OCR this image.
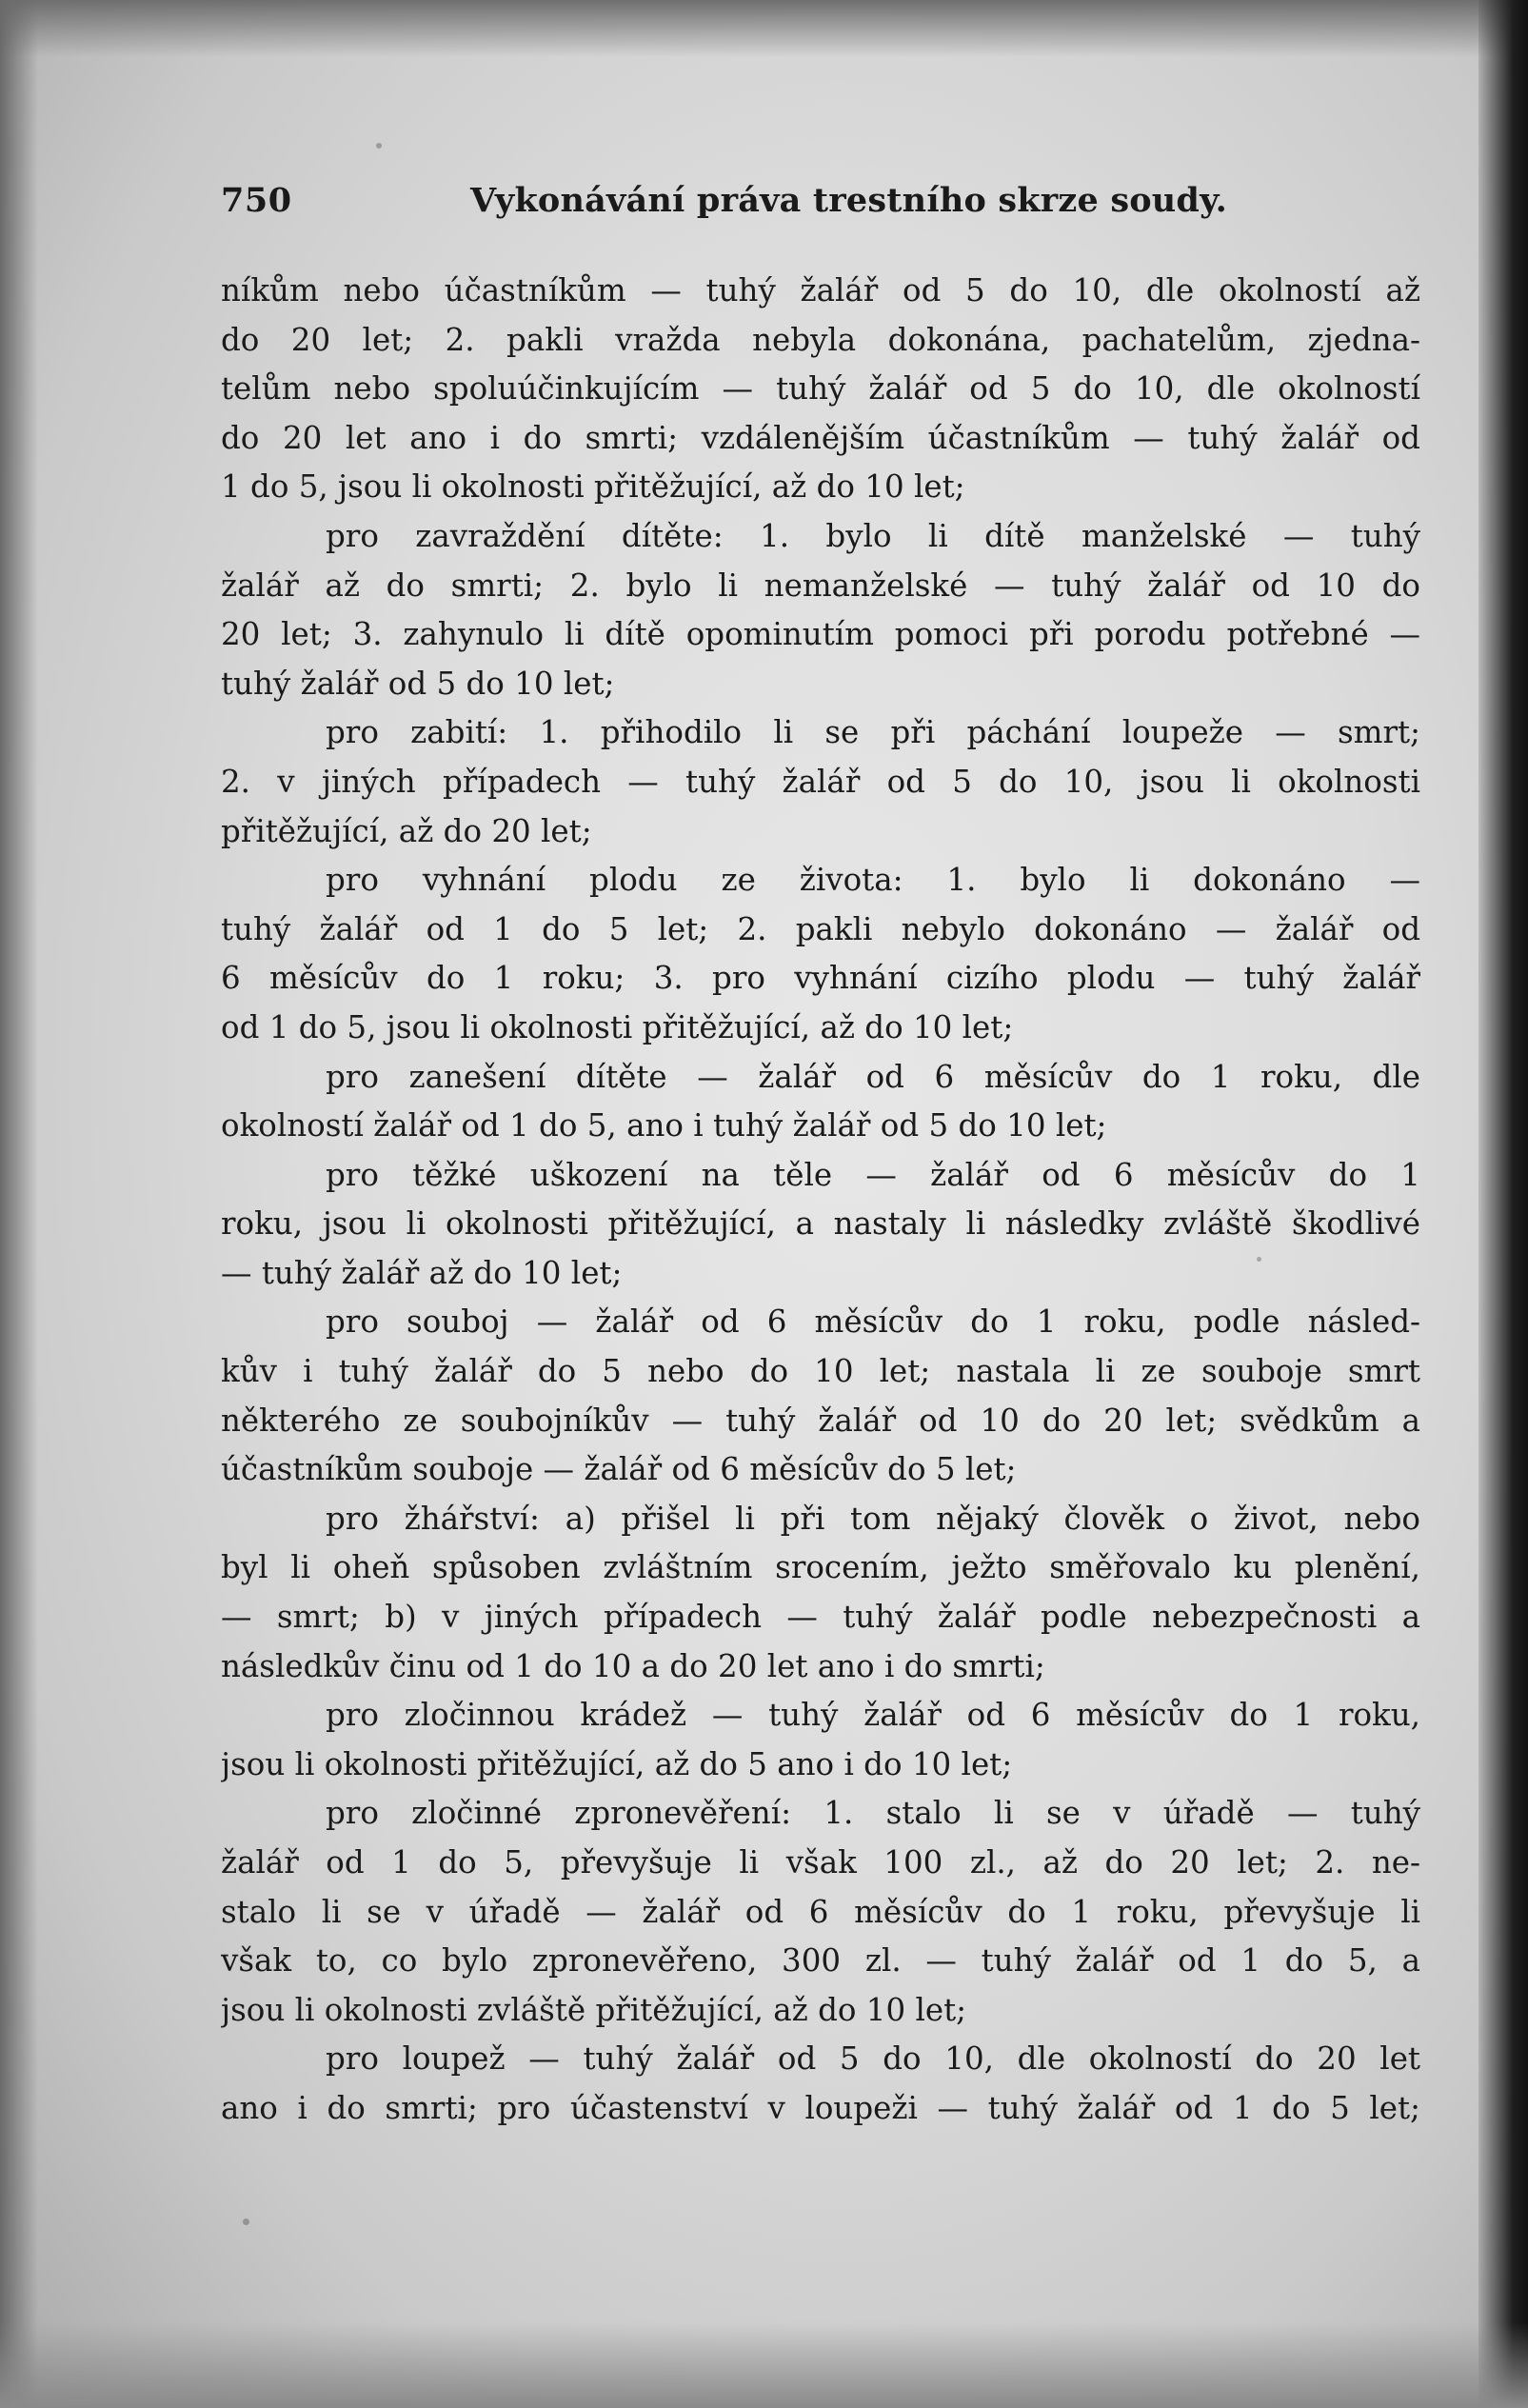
750	Vykonávání práva trestního skrze soudy.
níkům nebo účastníkům — tuhý žalář od 5 do 10, dle okolností až
do 20 let; 2. pakli vražda nebyla dokonána, pachatelům, zjedna-
telům nebo spoluúčinkujícím — tuhý žalář od 5 do 10, dle okolností
do 20 let ano i do smrti; vzdálenějším účastníkům — tuhý žalář od
1 do 5, jsou li okolnosti přitěžující, až do 10 let;
pro zavraždění dítěte: 1. bylo li dítě manželské — tuhý
žalář až do smrti; 2. bylo li nemanželské — tuhý žalář od 10 do
20 let; 3. zahynulo li dítě opominutím pomoci při porodu potřebné —
tuhý žalář od 5 do 10 let;
pro zabití: 1. přihodilo li se při páchání loupeže — smrt;
2. v jiných případech — tuhý žalář od 5 do 10, jsou li okolnosti
přitěžující, až do 20 let;
pro vyhnání plodu ze života: 1. bylo li dokonáno —
tuhý žalář od 1 do 5 let; 2. pakli nebylo dokonáno — žalář od
6 měsícův do 1 roku; 3. pro vyhnání cizího plodu — tuhý žalář
od 1 do 5, jsou li okolnosti přitěžující, až do 10 let;
pro zanešení dítěte — žalář od 6 měsícův do 1 roku, dle
okolností žalář od 1 do 5, ano i tuhý žalář od 5 do 10 let;
pro těžké uškození na těle — žalář od 6 měsícův do 1
roku, jsou li okolnosti přitěžující, a nastaly li následky zvláště škodlivé
— tuhý žalář až do 10 let;
pro souboj — žalář od 6 měsícův do 1 roku, podle násled-
kův i tuhý žalář do 5 nebo do 10 let; nastala li ze souboje smrt
některého ze soubojníkův — tuhý žalář od 10 do 20 let; svědkům a
účastníkům souboje — žalář od 6 měsícův do 5 let;
pro žhářství: a) přišel li při tom nějaký člověk o život, nebo
byl li oheň spůsoben zvláštním srocením, ježto směřovalo ku plenění,
— smrt; b) v jiných případech — tuhý žalář podle nebezpečnosti a
následkův činu od 1 do 10 a do 20 let ano i do smrti;
pro zločinnou krádež — tuhý žalář od 6 měsícův do 1 roku,
jsou li okolnosti přitěžující, až do 5 ano i do 10 let;
pro zločinné zpronevěření: 1. stalo li se v úřadě — tuhý
žalář od 1 do 5, převyšuje li však 100 zl., až do 20 let; 2. ne-
stalo li se v úřadě — žalář od 6 měsícův do 1 roku, převyšuje li
však to, co bylo zpronevěřeno, 300 zl. — tuhý žalář od 1 do 5, a
jsou li okolnosti zvláště přitěžující, až do 10 let;
pro loupež — tuhý žalář od 5 do 10, dle okolností do 20 let
ano i do smrti; pro účastenství v loupeži — tuhý žalář od 1 do 5 let;
